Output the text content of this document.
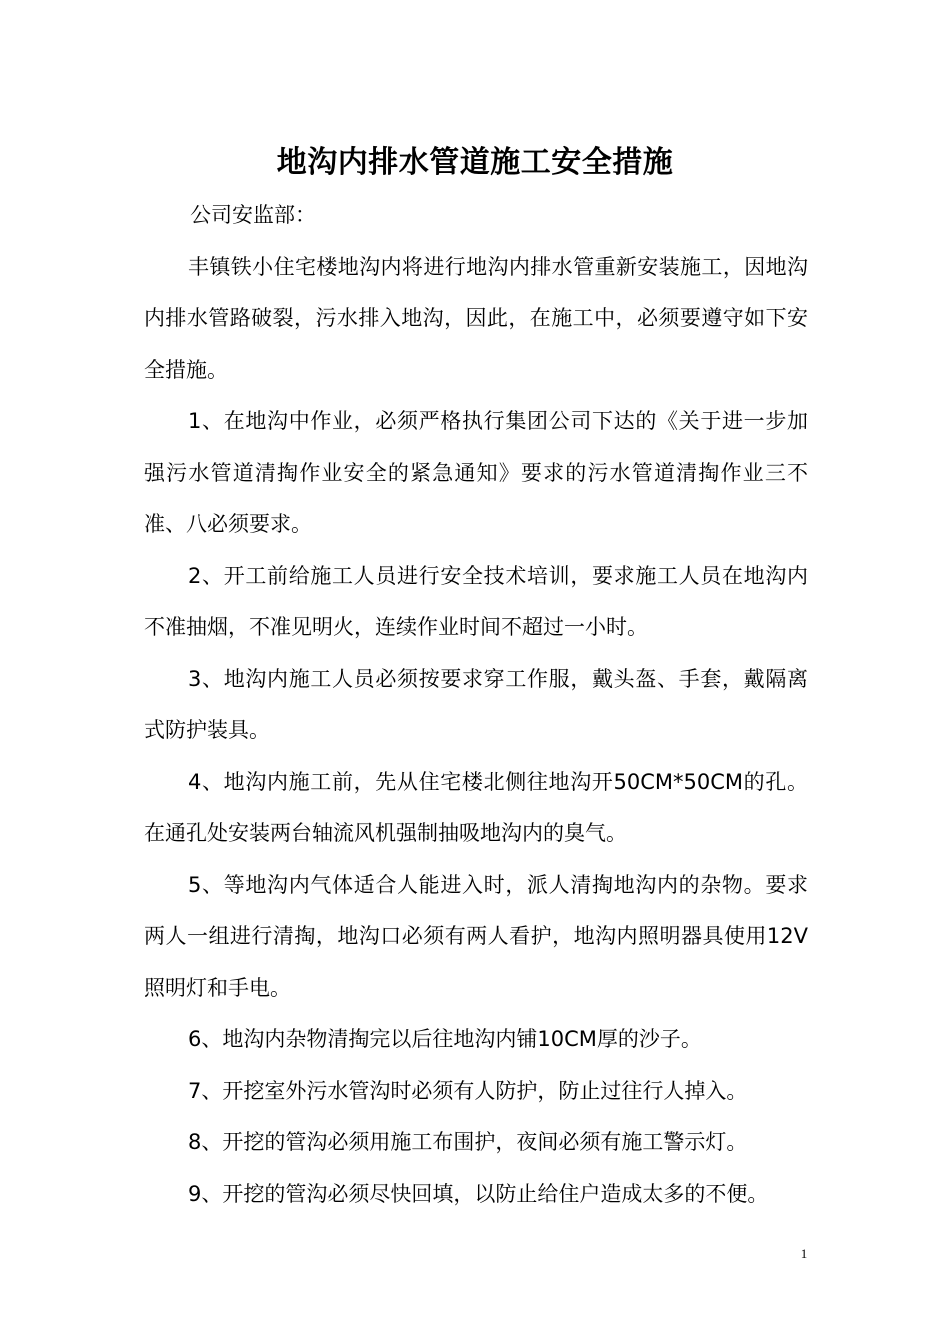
地沟内排水管道施工安全措施

公司安监部：

丰镇铁小住宅楼地沟内将进行地沟内排水管重新安装施工，因地沟内排水管路破裂，污水排入地沟，因此，在施工中，必须要遵守如下安全措施。

1、在地沟中作业，必须严格执行集团公司下达的《关于进一步加强污水管道清掏作业安全的紧急通知》要求的污水管道清掏作业三不准、八必须要求。

2、开工前给施工人员进行安全技术培训，要求施工人员在地沟内不准抽烟，不准见明火，连续作业时间不超过一小时。

3、地沟内施工人员必须按要求穿工作服，戴头盔、手套，戴隔离式防护装具。

4、地沟内施工前，先从住宅楼北侧往地沟开50CM*50CM的孔。在通孔处安装两台轴流风机强制抽吸地沟内的臭气。

5、等地沟内气体适合人能进入时，派人清掏地沟内的杂物。要求两人一组进行清掏，地沟口必须有两人看护，地沟内照明器具使用12V照明灯和手电。

6、地沟内杂物清掏完以后往地沟内铺10CM厚的沙子。

7、开挖室外污水管沟时必须有人防护，防止过往行人掉入。

8、开挖的管沟必须用施工布围护，夜间必须有施工警示灯。

9、开挖的管沟必须尽快回填，以防止给住户造成太多的不便。

1
